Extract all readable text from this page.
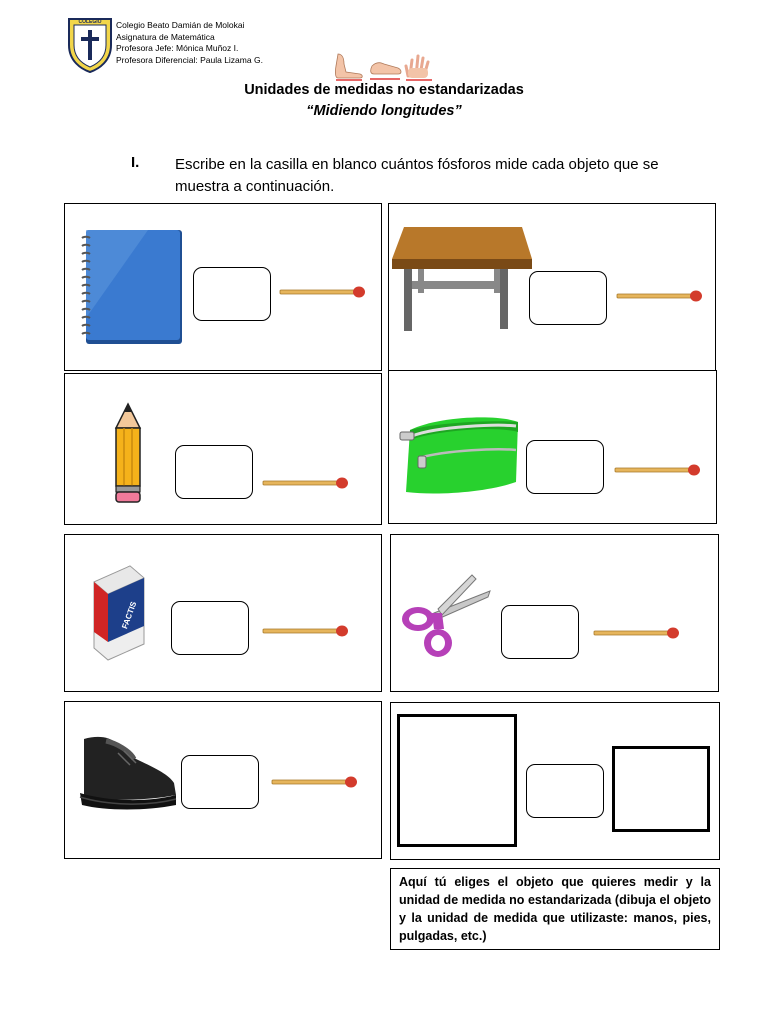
COLEGIO Colegio Beato Damián de Molokai
Asignatura de Matemática
Profesora Jefe: Mónica Muñoz I.
Profesora Diferencial: Paula Lizama G.
Unidades de medidas no estandarizadas
“Midiendo longitudes”
I. Escribe en la casilla en blanco cuántos fósforos mide cada objeto que se muestra a continuación.
FACTIS
Aquí tú eliges el objeto que quieres medir y la unidad de medida no estandarizada (dibuja el objeto y la unidad de medida que utilizaste: manos, pies, pulgadas, etc.)
